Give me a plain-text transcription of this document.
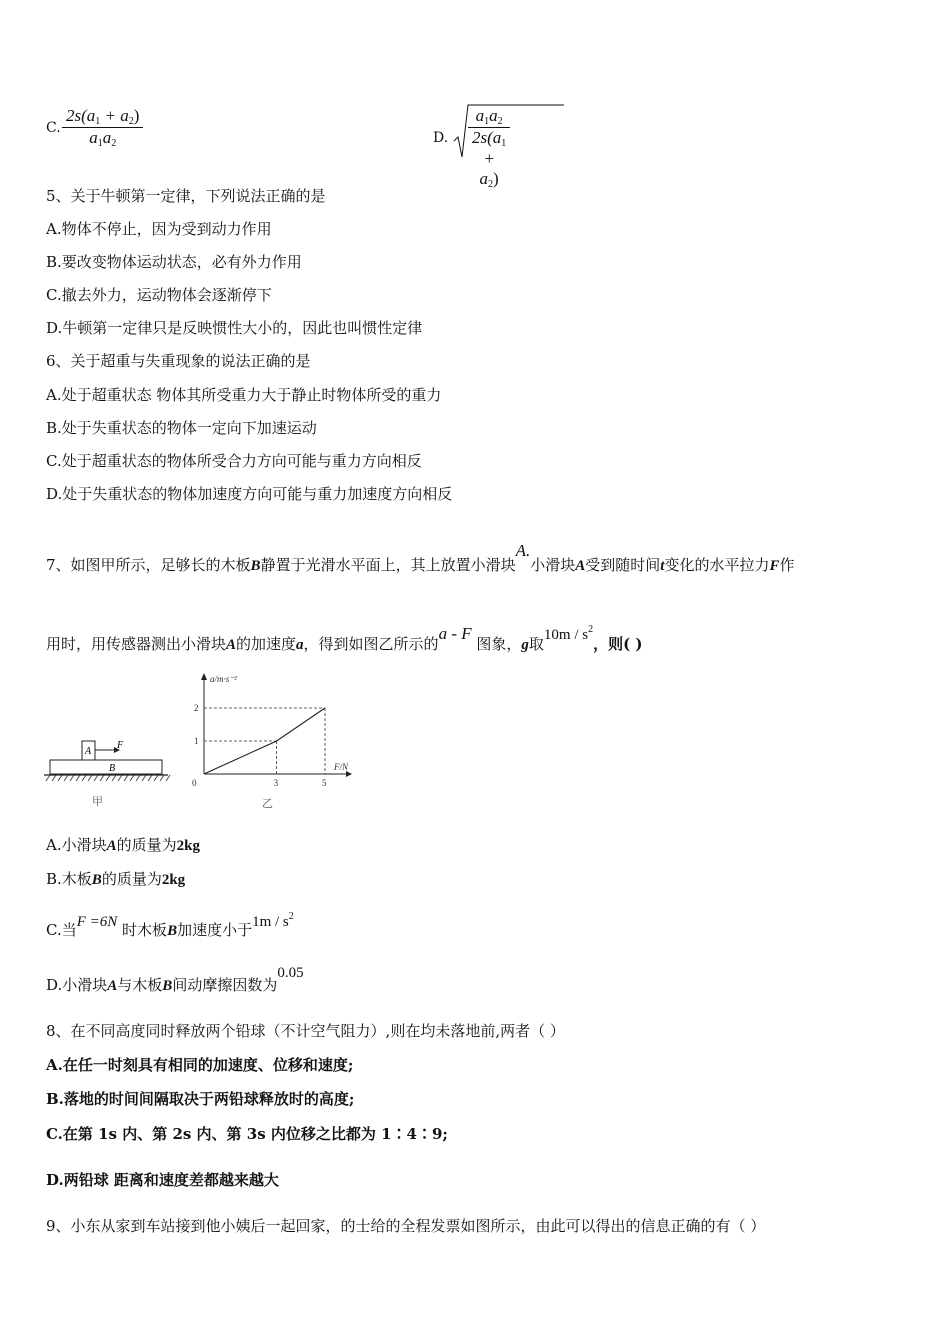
C. $\frac{2s(a_1 + a_2)}{a_1a_2}$	D. $\frac{a_1a_2}{2s(a_1 + a_2)}$
5、关于牛顿第一定律，下列说法正确的是
A.物体不停止，因为受到动力作用
B.要改变物体运动状态，必有外力作用
C.撤去外力，运动物体会逐渐停下
D.牛顿第一定律只是反映惯性大小的，因此也叫惯性定律
6、关于超重与失重现象的说法正确的是
A.处于超重状态 物体其所受重力大于静止时物体所受的重力
B.处于失重状态的物体一定向下加速运动
C.处于超重状态的物体所受合力方向可能与重力方向相反
D.处于失重状态的物体加速度方向可能与重力加速度方向相反
7、如图甲所示，足够长的木板B静置于光滑水平面上，其上放置小滑块A.小滑块A受到随时间t变化的水平拉力F作
用时，用传感器测出小滑块A的加速度a，得到如图乙所示的a - F 图象，g取$10m / s^2$，则( )
B
A
F
甲
a/m·s⁻²
F/N
0	3	5
1
2
乙
A.小滑块A的质量为2kg
B.木板B的质量为2kg
C.当F =6N 时木板B加速度小于$1m / s^2$
D.小滑块A与木板B间动摩擦因数为0.05
8、在不同高度同时释放两个铅球（不计空气阻力）,则在均未落地前,两者（ ）
A.在任一时刻具有相同的加速度、位移和速度;
B.落地的时间间隔取决于两铅球释放时的高度;
C.在第 1s 内、第 2s 内、第 3s 内位移之比都为 1∶4∶9;
D.两铅球 距离和速度差都越来越大
9、小东从家到车站接到他小姨后一起回家，的士给的全程发票如图所示，由此可以得出的信息正确的有（ ）
